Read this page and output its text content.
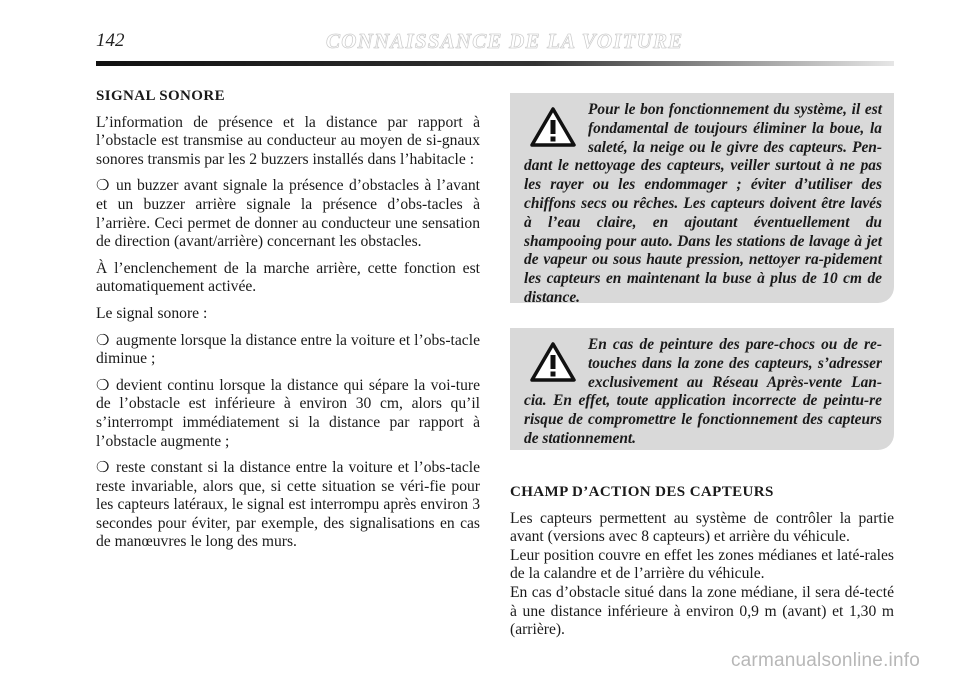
142	CONNAISSANCE DE LA VOITURE
SIGNAL SONORE

L’information de présence et la distance par rapport à l’obstacle est transmise au conducteur au moyen de si-gnaux sonores transmis par les 2 buzzers installés dans l’habitacle :

❍ un buzzer avant signale la présence d’obstacles à l’avant et un buzzer arrière signale la présence d’obs-tacles à l’arrière. Ceci permet de donner au conducteur une sensation de direction (avant/arrière) concernant les obstacles.

À l’enclenchement de la marche arrière, cette fonction est automatiquement activée.

Le signal sonore :

❍ augmente lorsque la distance entre la voiture et l’obs-tacle diminue ;

❍ devient continu lorsque la distance qui sépare la voi-ture de l’obstacle est inférieure à environ 30 cm, alors qu’il s’interrompt immédiatement si la distance par rapport à l’obstacle augmente ;

❍ reste constant si la distance entre la voiture et l’obs-tacle reste invariable, alors que, si cette situation se véri-fie pour les capteurs latéraux, le signal est interrompu après environ 3 secondes pour éviter, par exemple, des signalisations en cas de manœuvres le long des murs.

Pour le bon fonctionnement du système, il est fondamental de toujours éliminer la boue, la saleté, la neige ou le givre des capteurs. Pen-dant le nettoyage des capteurs, veiller surtout à ne pas les rayer ou les endommager ; éviter d’utiliser des chiffons secs ou rêches. Les capteurs doivent être lavés à l’eau claire, en ajoutant éventuellement du shampooing pour auto. Dans les stations de lavage à jet de vapeur ou sous haute pression, nettoyer ra-pidement les capteurs en maintenant la buse à plus de 10 cm de distance.
En cas de peinture des pare-chocs ou de re-touches dans la zone des capteurs, s’adresser exclusivement au Réseau Après-vente Lan-cia. En effet, toute application incorrecte de peintu-re risque de compromettre le fonctionnement des capteurs de stationnement.
CHAMP D’ACTION DES CAPTEURS

Les capteurs permettent au système de contrôler la partie avant (versions avec 8 capteurs) et arrière du véhicule.

Leur position couvre en effet les zones médianes et laté-rales de la calandre et de l’arrière du véhicule.

En cas d’obstacle situé dans la zone médiane, il sera dé-tecté à une distance inférieure à environ 0,9 m (avant) et 1,30 m (arrière).

carmanualsonline.info
